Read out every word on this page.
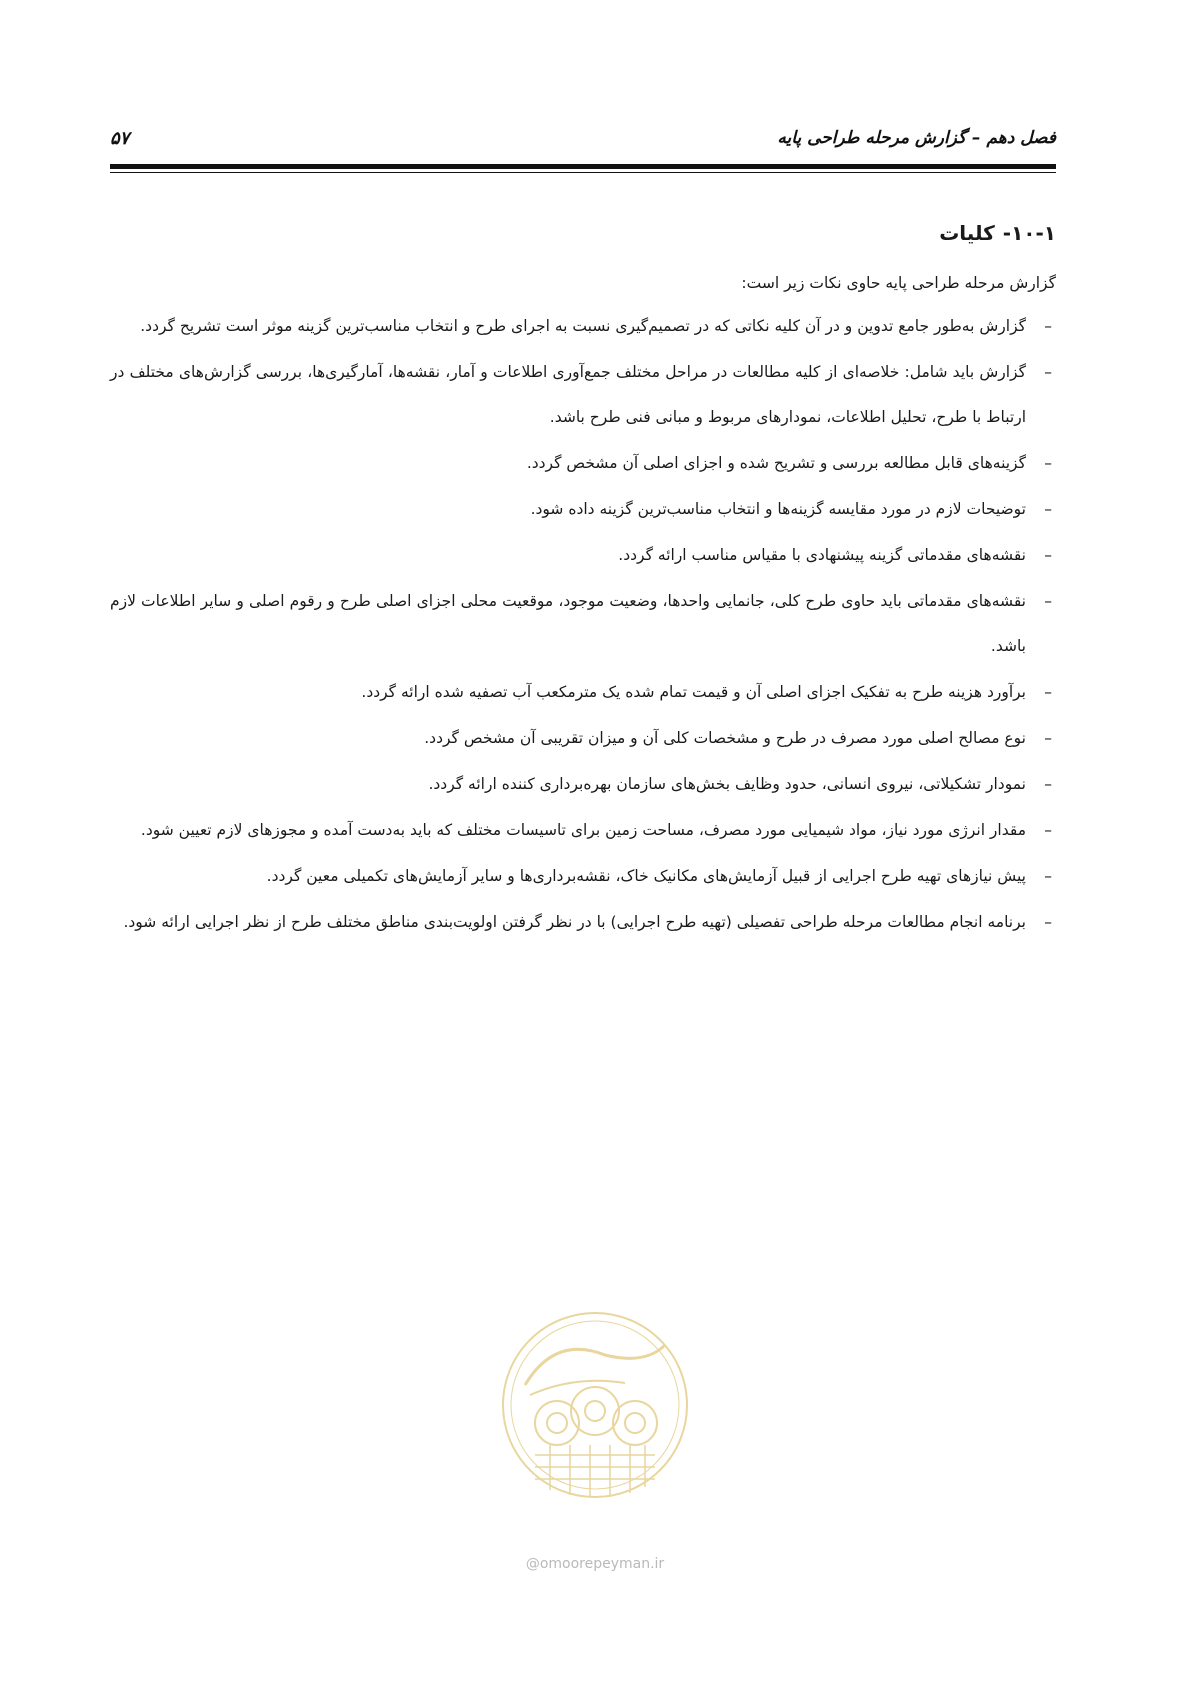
فصل دهم – گزارش مرحله طراحی پایه
۵۷
۱۰-۱-کلیات

گزارش مرحله طراحی پایه حاوی نکات زیر است:

–
گزارش به‌طور جامع تدوین و در آن کلیه نکاتی که در تصمیم‌گیری نسبت به اجرای طرح و انتخاب مناسب‌ترین گزینه موثر است تشریح گردد.
–
گزارش باید شامل: خلاصه‌ای از کلیه مطالعات در مراحل مختلف جمع‌آوری اطلاعات و آمار، نقشه‌ها، آمارگیری‌ها، بررسی گزارش‌های مختلف در ارتباط با طرح، تحلیل اطلاعات، نمودارهای مربوط و مبانی فنی طرح باشد.
–
گزینه‌های قابل مطالعه بررسی و تشریح شده و اجزای اصلی آن مشخص گردد.
–
توضیحات لازم در مورد مقایسه گزینه‌ها و انتخاب مناسب‌ترین گزینه داده شود.
–
نقشه‌های مقدماتی گزینه پیشنهادی با مقیاس مناسب ارائه گردد.
–
نقشه‌های مقدماتی باید حاوی طرح کلی، جانمایی واحدها، وضعیت موجود، موقعیت محلی اجزای اصلی طرح و رقوم اصلی و سایر اطلاعات لازم باشد.
–
برآورد هزینه طرح به تفکیک اجزای اصلی آن و قیمت تمام شده یک مترمکعب آب تصفیه شده ارائه گردد.
–
نوع مصالح اصلی مورد مصرف در طرح و مشخصات کلی آن و میزان تقریبی آن مشخص گردد.
–
نمودار تشکیلاتی، نیروی انسانی، حدود وظایف بخش‌های سازمان بهره‌برداری کننده ارائه گردد.
–
مقدار انرژی مورد نیاز، مواد شیمیایی مورد مصرف، مساحت زمین برای تاسیسات مختلف که باید به‌دست آمده و مجوزهای لازم تعیین شود.
–
پیش نیازهای تهیه طرح اجرایی از قبیل آزمایش‌های مکانیک خاک، نقشه‌برداری‌ها و سایر آزمایش‌های تکمیلی معین گردد.
–
برنامه انجام مطالعات مرحله طراحی تفصیلی (تهیه طرح اجرایی) با در نظر گرفتن اولویت‌بندی مناطق مختلف طرح از نظر اجرایی ارائه شود.
@omoorepeyman.ir
